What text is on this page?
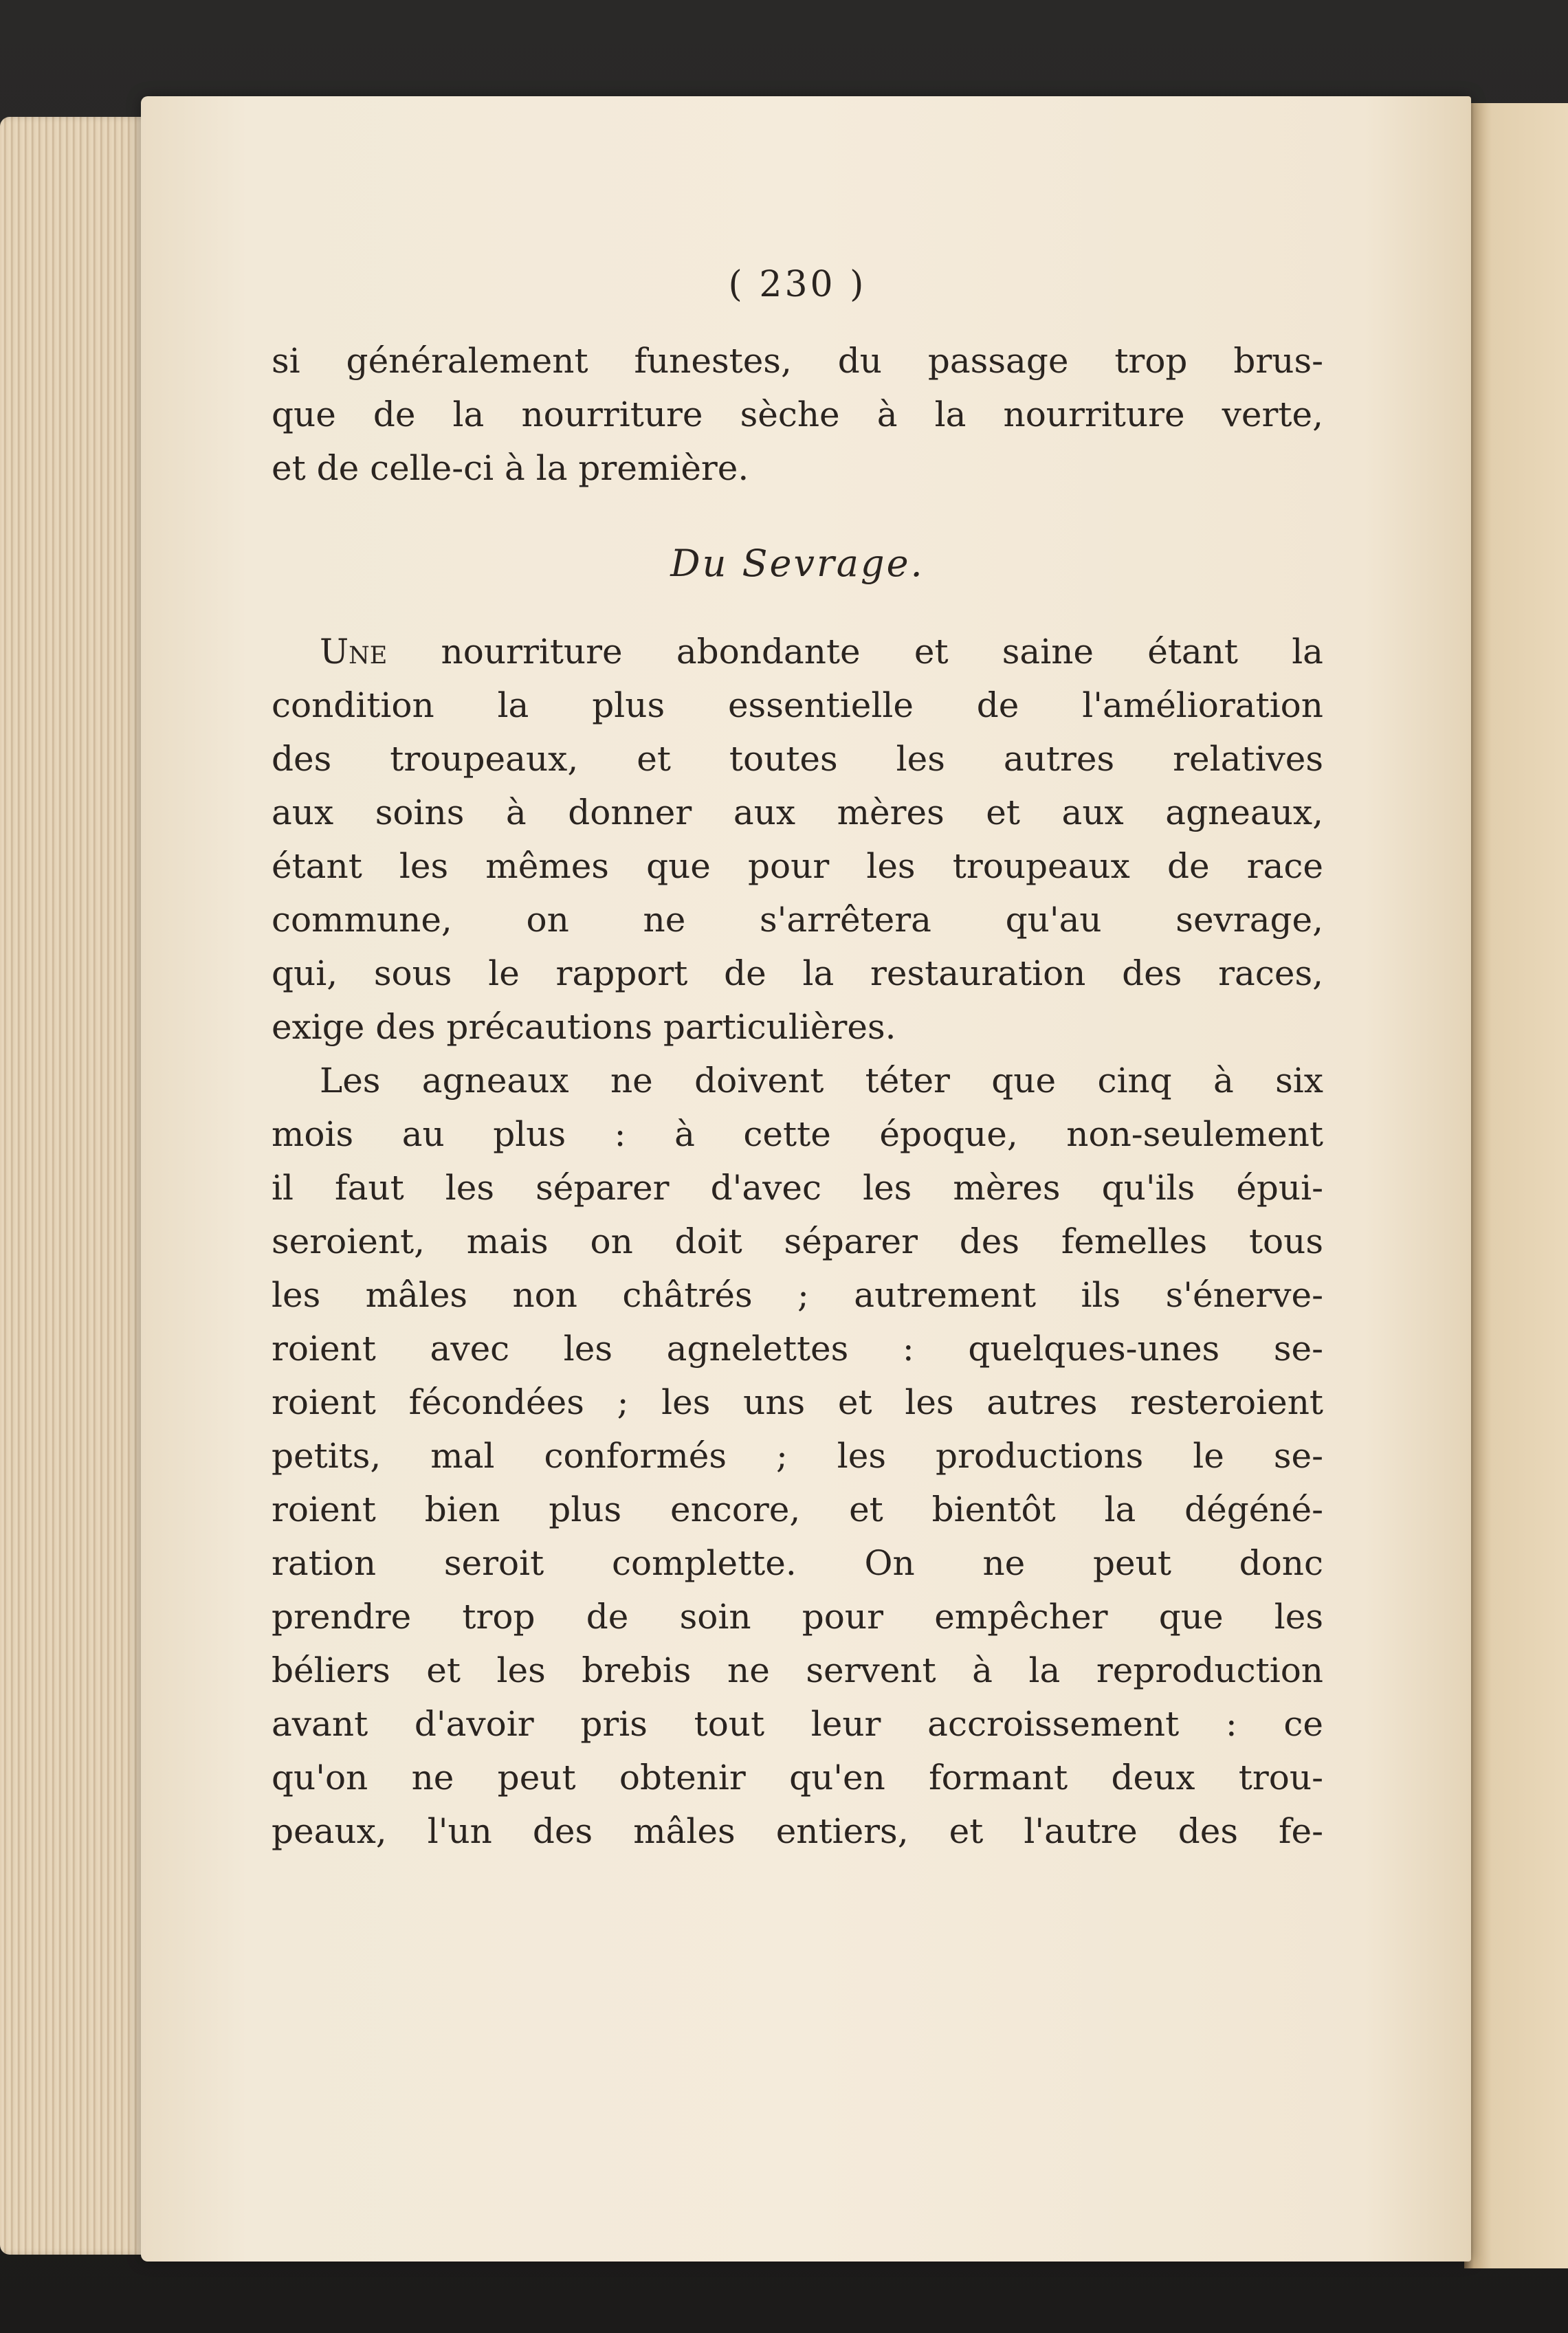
( 230 )
si généralement funestes, du passage trop brus-
que de la nourriture sèche à la nourriture verte,
et de celle-ci à la première.
Du Sevrage.
Une nourriture abondante et saine étant la
condition la plus essentielle de l'amélioration
des troupeaux, et toutes les autres relatives
aux soins à donner aux mères et aux agneaux,
étant les mêmes que pour les troupeaux de race
commune, on ne s'arrêtera qu'au sevrage,
qui, sous le rapport de la restauration des races,
exige des précautions particulières.
Les agneaux ne doivent téter que cinq à six
mois au plus : à cette époque, non-seulement
il faut les séparer d'avec les mères qu'ils épui-
seroient, mais on doit séparer des femelles tous
les mâles non châtrés ; autrement ils s'énerve-
roient avec les agnelettes : quelques-unes se-
roient fécondées ; les uns et les autres resteroient
petits, mal conformés ; les productions le se-
roient bien plus encore, et bientôt la dégéné-
ration seroit complette. On ne peut donc
prendre trop de soin pour empêcher que les
béliers et les brebis ne servent à la reproduction
avant d'avoir pris tout leur accroissement : ce
qu'on ne peut obtenir qu'en formant deux trou-
peaux, l'un des mâles entiers, et l'autre des fe-
